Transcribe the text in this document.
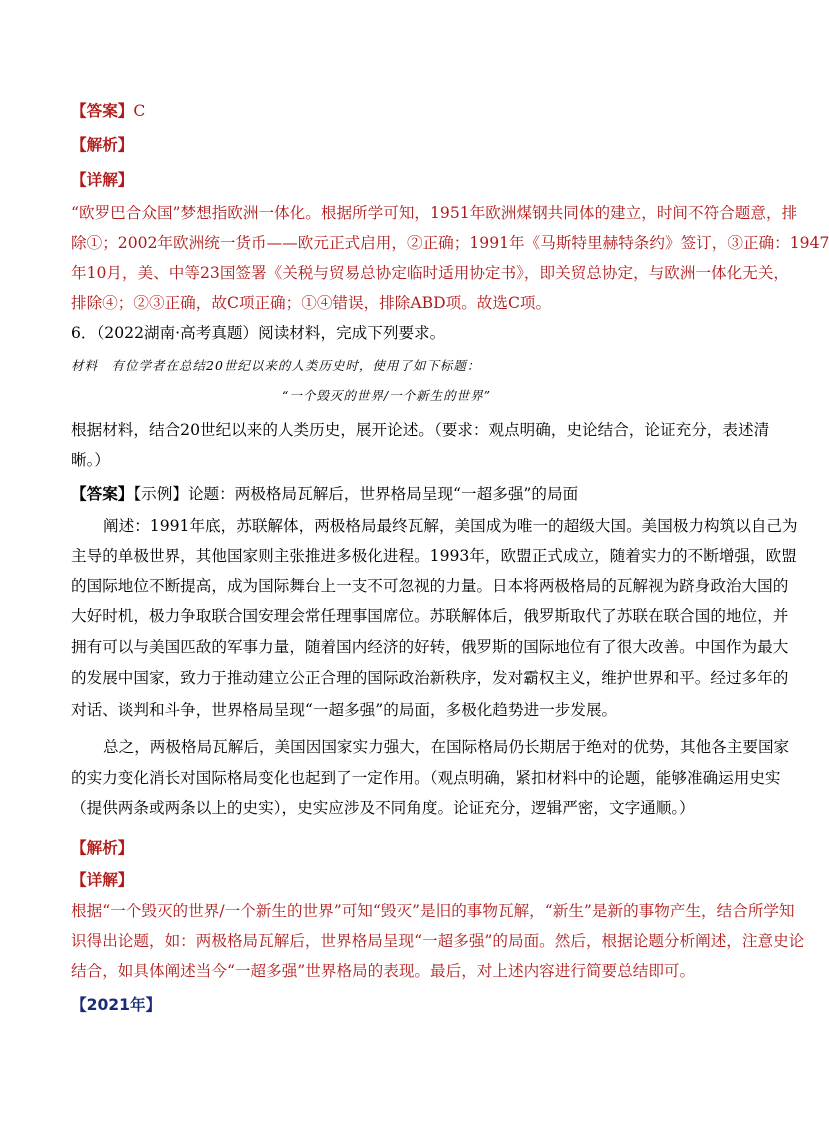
【答案】C
【解析】
【详解】
“欧罗巴合众国”梦想指欧洲一体化。根据所学可知，1951年欧洲煤钢共同体的建立，时间不符合题意，排
除①；2002年欧洲统一货币——欧元正式启用，②正确；1991年《马斯特里赫特条约》签订，③正确：1947
年10月，美、中等23国签署《关税与贸易总协定临时适用协定书》，即关贸总协定，与欧洲一体化无关，
排除④；②③正确，故C项正确；①④错误，排除ABD项。故选C项。
6．（2022湖南·高考真题）阅读材料，完成下列要求。
材料　有位学者在总结20世纪以来的人类历史时，使用了如下标题：
“一个毁灭的世界/一个新生的世界”
根据材料，结合20世纪以来的人类历史，展开论述。（要求：观点明确，史论结合，论证充分，表述清
晰。）
【答案】【示例】论题：两极格局瓦解后，世界格局呈现“一超多强”的局面
阐述：1991年底，苏联解体，两极格局最终瓦解，美国成为唯一的超级大国。美国极力构筑以自己为
主导的单极世界，其他国家则主张推进多极化进程。1993年，欧盟正式成立，随着实力的不断增强，欧盟
的国际地位不断提高，成为国际舞台上一支不可忽视的力量。日本将两极格局的瓦解视为跻身政治大国的
大好时机，极力争取联合国安理会常任理事国席位。苏联解体后，俄罗斯取代了苏联在联合国的地位，并
拥有可以与美国匹敌的军事力量，随着国内经济的好转，俄罗斯的国际地位有了很大改善。中国作为最大
的发展中国家，致力于推动建立公正合理的国际政治新秩序，发对霸权主义，维护世界和平。经过多年的
对话、谈判和斗争，世界格局呈现“一超多强”的局面，多极化趋势进一步发展。
总之，两极格局瓦解后，美国因国家实力强大，在国际格局仍长期居于绝对的优势，其他各主要国家
的实力变化消长对国际格局变化也起到了一定作用。（观点明确，紧扣材料中的论题，能够准确运用史实
（提供两条或两条以上的史实），史实应涉及不同角度。论证充分，逻辑严密，文字通顺。）
【解析】
【详解】
根据“一个毁灭的世界/一个新生的世界”可知“毁灭”是旧的事物瓦解，“新生”是新的事物产生，结合所学知
识得出论题，如：两极格局瓦解后，世界格局呈现“一超多强”的局面。然后，根据论题分析阐述，注意史论
结合，如具体阐述当今“一超多强”世界格局的表现。最后，对上述内容进行简要总结即可。
【2021年】
